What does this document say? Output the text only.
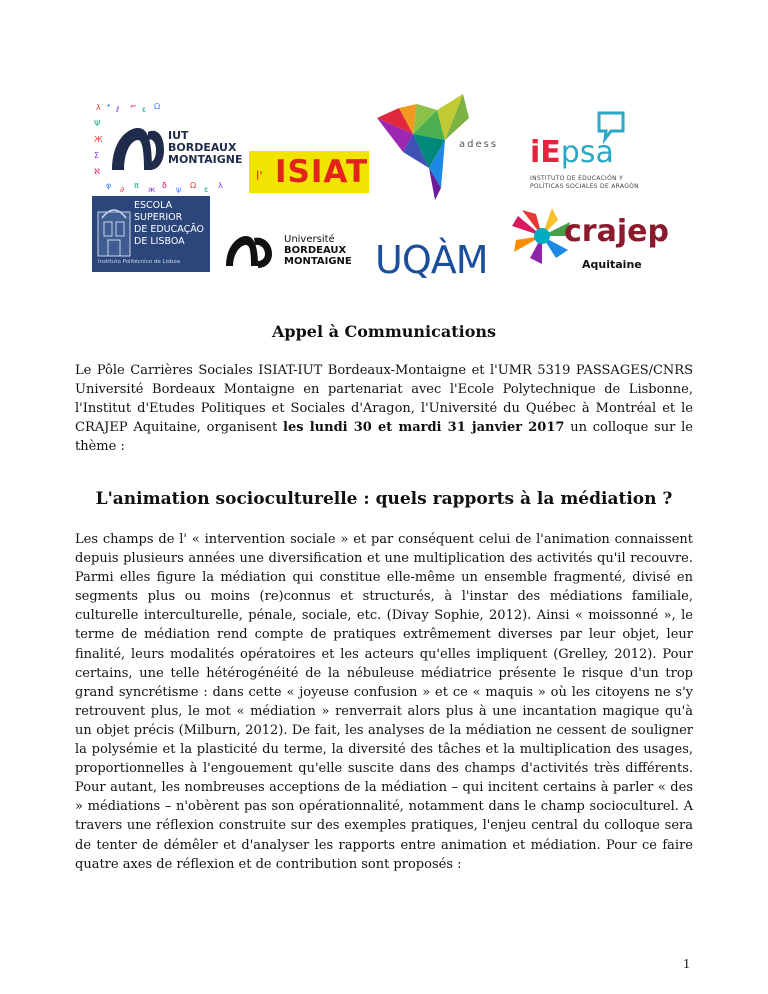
λ ∙ ℓ ⌐ ε Ω
Ψ
Ж
Σ
ℵ
φ ∂ π ж δ ψ Ω ε λ
IUT
BORDEAUX
MONTAIGNE
l' ISIAT
adess iEpsa
INSTITUTO DE EDUCACIÓN Y
POLÍTICAS SOCIALES DE ARAGÓN
ESCOLA
SUPERIOR
DE EDUCAÇÃO
DE LISBOA
Instituto Politécnico de Lisboa
Université
BORDEAUX
MONTAIGNE UQÀM
crajep
Aquitaine
Appel à Communications
Le Pôle Carrières Sociales ISIAT-IUT Bordeaux-Montaigne et l'UMR 5319 PASSAGES/CNRS Université Bordeaux Montaigne en partenariat avec l'Ecole Polytechnique de Lisbonne, l'Institut d'Etudes Politiques et Sociales d'Aragon, l'Université du Québec à Montréal et le CRAJEP Aquitaine, organisent les lundi 30 et mardi 31 janvier 2017 un colloque sur le thème :
L'animation socioculturelle : quels rapports à la médiation ?
Les champs de l' « intervention sociale » et par conséquent celui de l'animation connaissent depuis plusieurs années une diversification et une multiplication des activités qu'il recouvre. Parmi elles figure la médiation qui constitue elle-même un ensemble fragmenté, divisé en segments plus ou moins (re)connus et structurés, à l'instar des médiations familiale, culturelle interculturelle, pénale, sociale, etc. (Divay Sophie, 2012). Ainsi « moissonné », le terme de médiation rend compte de pratiques extrêmement diverses par leur objet, leur finalité, leurs modalités opératoires et les acteurs qu'elles impliquent (Grelley, 2012). Pour certains, une telle hétérogénéité de la nébuleuse médiatrice présente le risque d'un trop grand syncrétisme : dans cette « joyeuse confusion » et ce « maquis » où les citoyens ne s'y retrouvent plus, le mot « médiation » renverrait alors plus à une incantation magique qu'à un objet précis (Milburn, 2012). De fait, les analyses de la médiation ne cessent de souligner la polysémie et la plasticité du terme, la diversité des tâches et la multiplication des usages, proportionnelles à l'engouement qu'elle suscite dans des champs d'activités très différents. Pour autant, les nombreuses acceptions de la médiation – qui incitent certains à parler « des » médiations – n'obèrent pas son opérationnalité, notamment dans le champ socioculturel. A travers une réflexion construite sur des exemples pratiques, l'enjeu central du colloque sera de tenter de démêler et d'analyser les rapports entre animation et médiation. Pour ce faire quatre axes de réflexion et de contribution sont proposés :
1
